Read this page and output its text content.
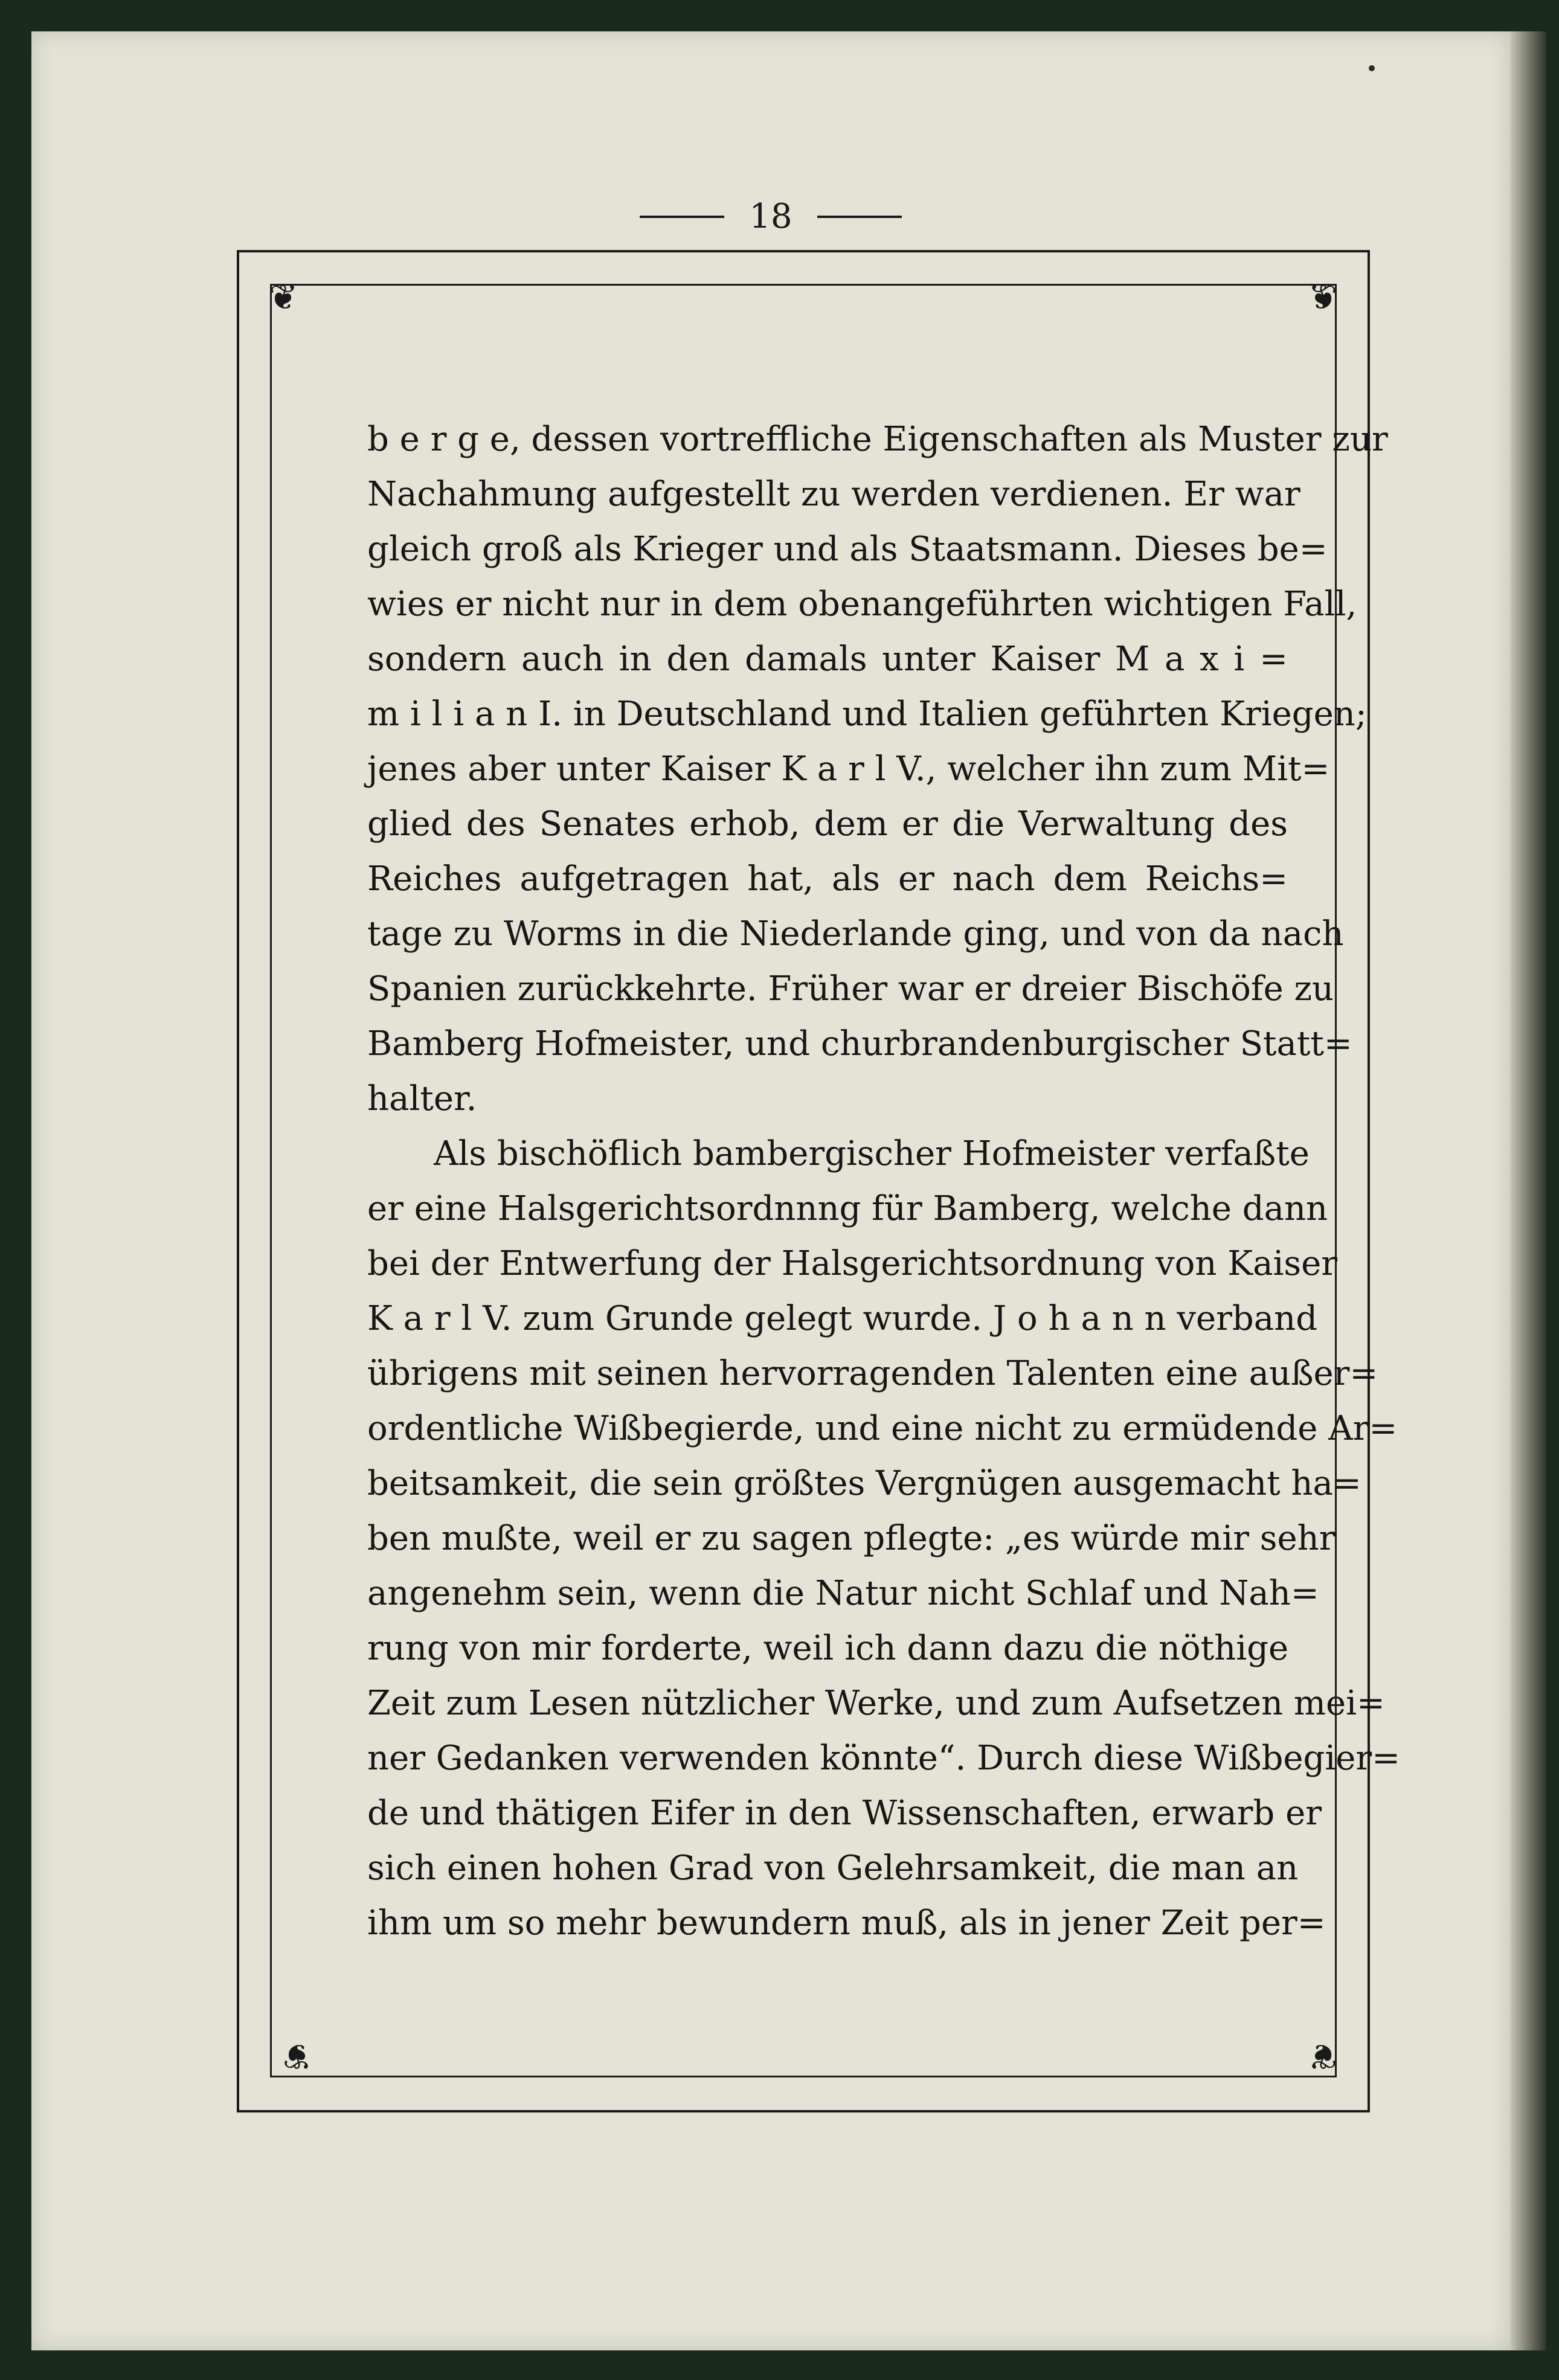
18
❦	❦
❦	❦
b e r g e, dessen vortreffliche Eigenschaften als Muster zur
Nachahmung aufgestellt zu werden verdienen. Er war
gleich groß als Krieger und als Staatsmann. Dieses be=
wies er nicht nur in dem obenangeführten wichtigen Fall,
sondern auch in den damals unter Kaiser M a x i =
m i l i a n I. in Deutschland und Italien geführten Kriegen;
jenes aber unter Kaiser K a r l V., welcher ihn zum Mit=
glied des Senates erhob, dem er die Verwaltung des
Reiches aufgetragen hat, als er nach dem Reichs=
tage zu Worms in die Niederlande ging, und von da nach
Spanien zurückkehrte. Früher war er dreier Bischöfe zu
Bamberg Hofmeister, und churbrandenburgischer Statt=
halter.
Als bischöflich bambergischer Hofmeister verfaßte
er eine Halsgerichtsordnnng für Bamberg, welche dann
bei der Entwerfung der Halsgerichtsordnung von Kaiser
K a r l V. zum Grunde gelegt wurde. J o h a n n verband
übrigens mit seinen hervorragenden Talenten eine außer=
ordentliche Wißbegierde, und eine nicht zu ermüdende Ar=
beitsamkeit, die sein größtes Vergnügen ausgemacht ha=
ben mußte, weil er zu sagen pflegte: „es würde mir sehr
angenehm sein, wenn die Natur nicht Schlaf und Nah=
rung von mir forderte, weil ich dann dazu die nöthige
Zeit zum Lesen nützlicher Werke, und zum Aufsetzen mei=
ner Gedanken verwenden könnte“. Durch diese Wißbegier=
de und thätigen Eifer in den Wissenschaften, erwarb er
sich einen hohen Grad von Gelehrsamkeit, die man an
ihm um so mehr bewundern muß, als in jener Zeit per=
